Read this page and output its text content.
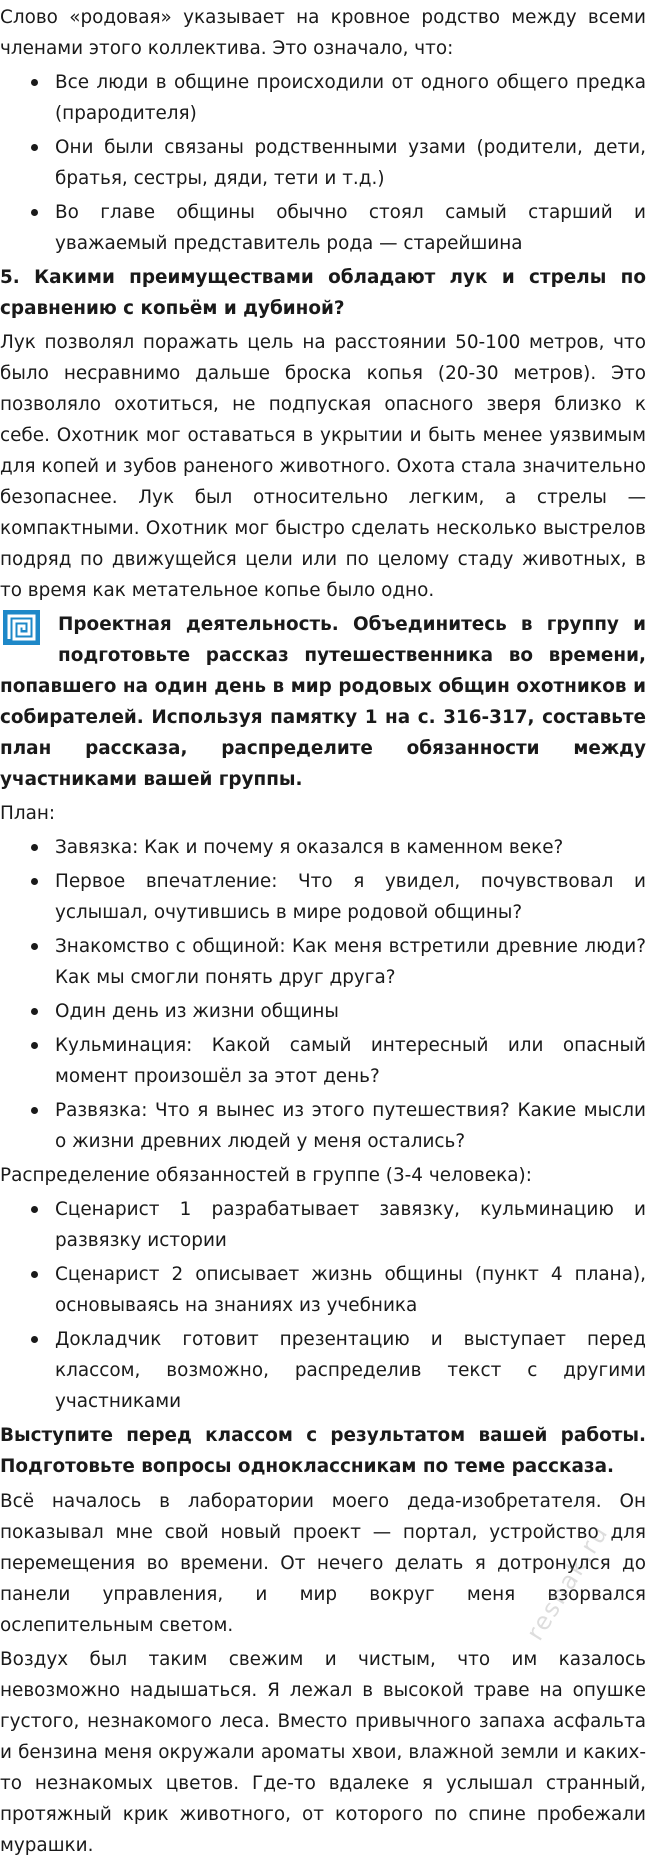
Слово «родовая» указывает на кровное родство между всеми членами этого коллектива. Это означало, что:

Все люди в общине происходили от одного общего предка (прародителя)
Они были связаны родственными узами (родители, дети, братья, сестры, дяди, тети и т.д.)
Во главе общины обычно стоял самый старший и уважаемый представитель рода — старейшина

5. Какими преимуществами обладают лук и стрелы по сравнению с копьём и дубиной?

Лук позволял поражать цель на расстоянии 50-100 метров, что было несравнимо дальше броска копья (20-30 метров). Это позволяло охотиться, не подпуская опасного зверя близко к себе. Охотник мог оставаться в укрытии и быть менее уязвимым для копей и зубов раненого животного. Охота стала значительно безопаснее. Лук был относительно легким, а стрелы — компактными. Охотник мог быстро сделать несколько выстрелов подряд по движущейся цели или по целому стаду животных, в то время как метательное копье было одно.

Проектная деятельность. Объединитесь в группу и подготовьте рассказ путешественника во времени, попавшего на один день в мир родовых общин охотников и собирателей. Используя памятку 1 на с. 316-317, составьте план рассказа, распределите обязанности между участниками вашей группы.

План:

Завязка: Как и почему я оказался в каменном веке?
Первое впечатление: Что я увидел, почувствовал и услышал, очутившись в мире родовой общины?
Знакомство с общиной: Как меня встретили древние люди? Как мы смогли понять друг друга?
Один день из жизни общины
Кульминация: Какой самый интересный или опасный момент произошёл за этот день?
Развязка: Что я вынес из этого путешествия? Какие мысли о жизни древних людей у меня остались?

Распределение обязанностей в группе (3-4 человека):

Сценарист 1 разрабатывает завязку, кульминацию и развязку истории
Сценарист 2 описывает жизнь общины (пункт 4 плана), основываясь на знаниях из учебника
Докладчик готовит презентацию и выступает перед классом, возможно, распределив текст с другими участниками

Выступите перед классом с результатом вашей работы. Подготовьте вопросы одноклассникам по теме рассказа.

Всё началось в лаборатории моего деда-изобретателя. Он показывал мне свой новый проект — портал, устройство для перемещения во времени. От нечего делать я дотронулся до панели управления, и мир вокруг меня взорвался ослепительным светом.

Воздух был таким свежим и чистым, что им казалось невозможно надышаться. Я лежал в высокой траве на опушке густого, незнакомого леса. Вместо привычного запаха асфальта и бензина меня окружали ароматы хвои, влажной земли и каких-то незнакомых цветов. Где-то вдалеке я услышал странный, протяжный крик животного, от которого по спине пробежали мурашки.

reshak.ru
